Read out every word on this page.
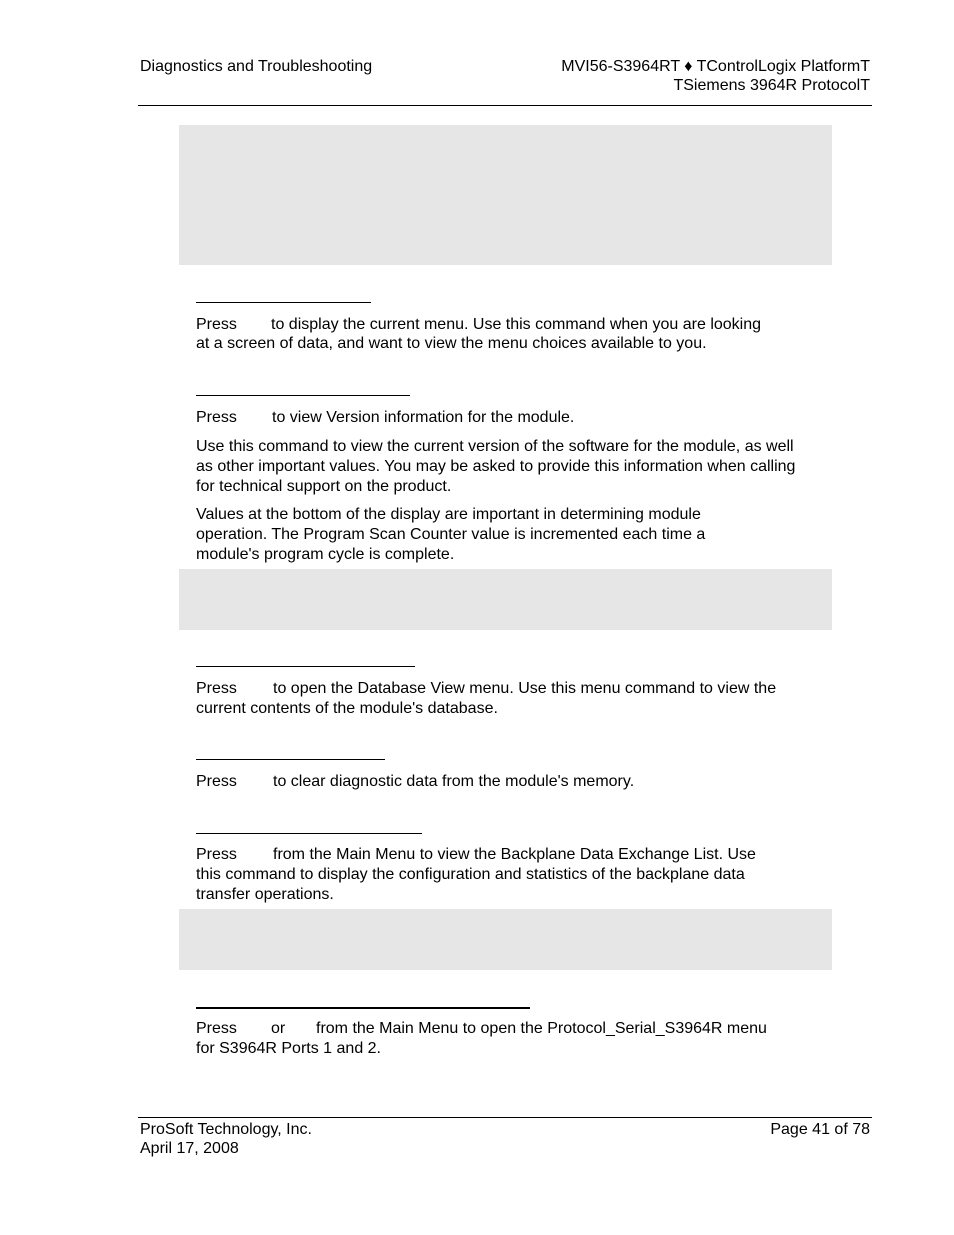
Diagnostics and Troubleshooting	MVI56-S3964RT ♦ TControlLogix PlatformT
TSiemens 3964R ProtocolT
Press to display the current menu. Use this command when you are looking
at a screen of data, and want to view the menu choices available to you.
Press to view Version information for the module.
Use this command to view the current version of the software for the module, as well as other important values. You may be asked to provide this information when calling for technical support on the product.
Values at the bottom of the display are important in determining module operation. The Program Scan Counter value is incremented each time a module's program cycle is complete.
Press to open the Database View menu. Use this menu command to view the
current contents of the module's database.
Press to clear diagnostic data from the module's memory.
Press from the Main Menu to view the Backplane Data Exchange List. Use
this command to display the configuration and statistics of the backplane data
transfer operations.
Press or from the Main Menu to open the Protocol_Serial_S3964R menu
for S3964R Ports 1 and 2.
ProSoft Technology, Inc.
April 17, 2008
Page 41 of 78
